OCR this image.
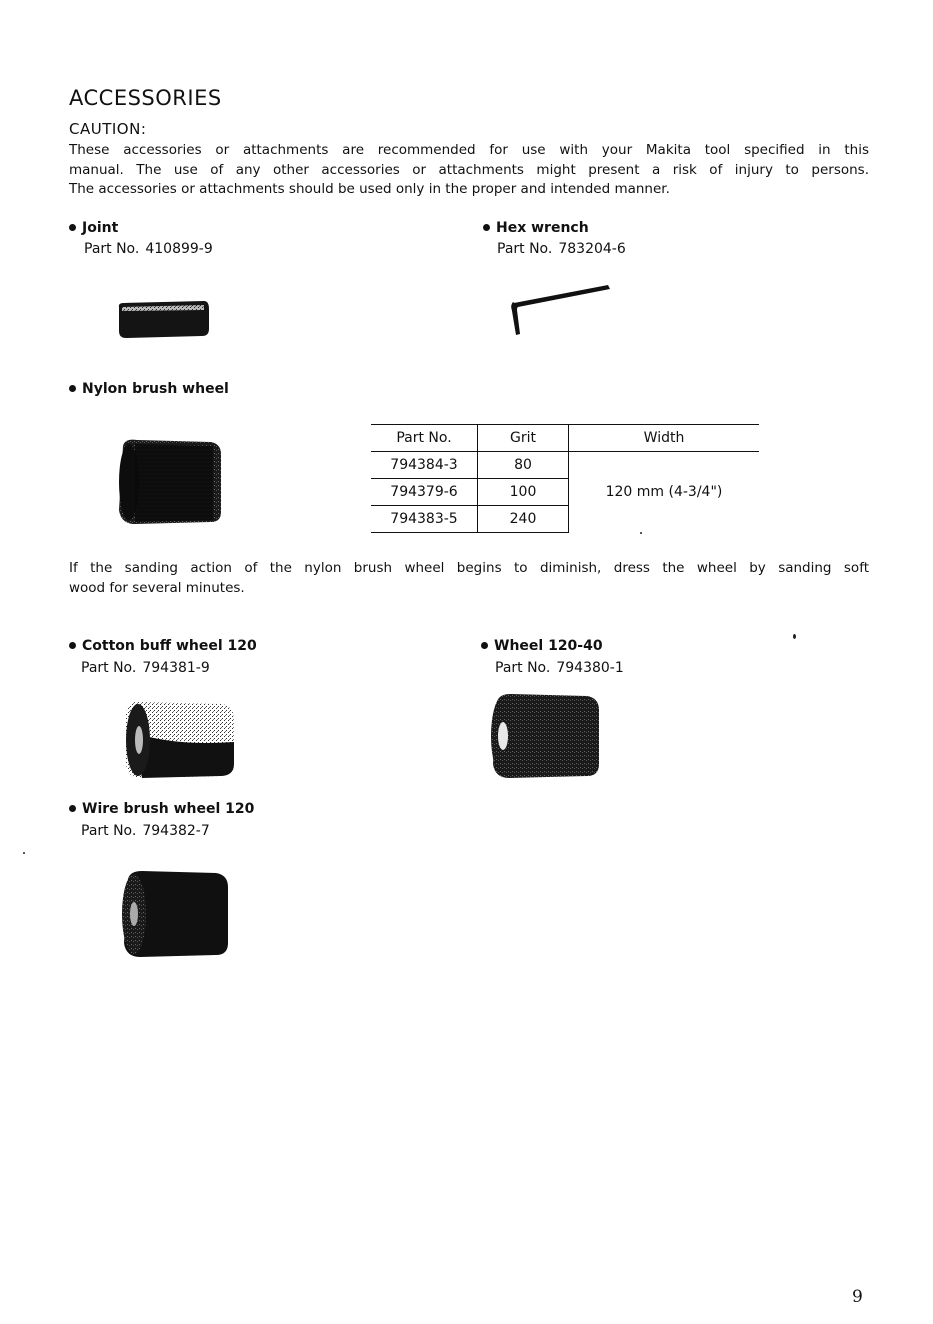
ACCESSORIES
CAUTION:
These accessories or attachments are recommended for use with your Makita tool specified in this
manual. The use of any other accessories or attachments might present a risk of injury to persons.
The accessories or attachments should be used only in the proper and intended manner.
Joint
Part No. 410899-9
Hex wrench
Part No. 783204-6
Nylon brush wheel
Part No.	Grit	Width
794384-3	80	120 mm (4-3/4")
794379-6	100	
794383-5	240	
If the sanding action of the nylon brush wheel begins to diminish, dress the wheel by sanding soft
wood for several minutes.
Cotton buff wheel 120
Part No. 794381-9
Wheel 120-40
Part No. 794380-1
Wire brush wheel 120
Part No. 794382-7
9
